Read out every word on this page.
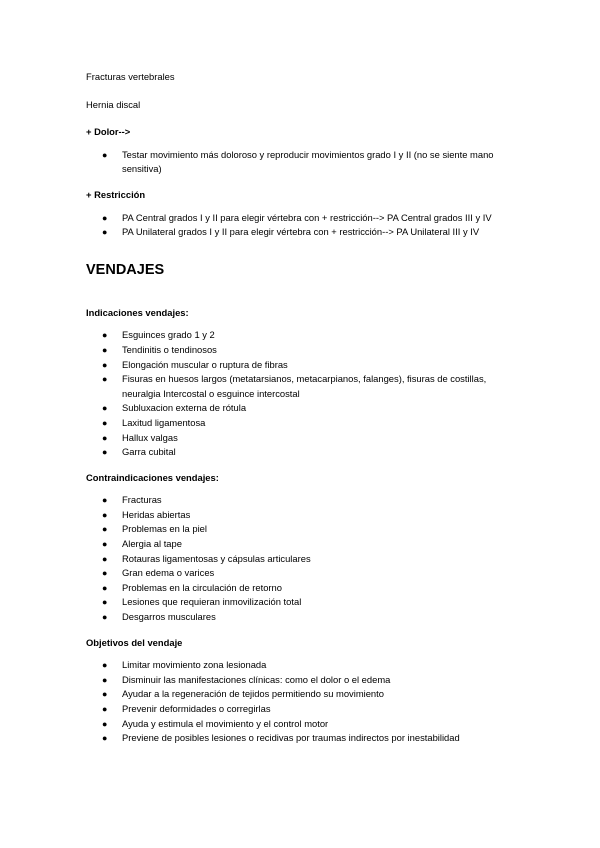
Fracturas vertebrales

Hernia discal

+ Dolor-->

● Testar movimiento más doloroso y reproducir movimientos grado I y II (no se siente mano sensitiva)

+ Restricción

● PA Central grados I y II para elegir vértebra con + restricción--> PA Central grados III y IV
● PA Unilateral grados I y II para elegir vértebra con + restricción--> PA Unilateral III y IV

VENDAJES

Indicaciones vendajes:

● Esguinces grado 1 y 2
● Tendinitis o tendinosos
● Elongación muscular o ruptura de fibras
● Fisuras en huesos largos (metatarsianos, metacarpianos, falanges), fisuras de costillas, neuralgia Intercostal o esguince intercostal
● Subluxacion externa de rótula
● Laxitud ligamentosa
● Hallux valgas
● Garra cubital

Contraindicaciones vendajes:

● Fracturas
● Heridas abiertas
● Problemas en la piel
● Alergia al tape
● Rotauras ligamentosas y cápsulas articulares
● Gran edema o varices
● Problemas en la circulación de retorno
● Lesiones que requieran inmovilización total
● Desgarros musculares

Objetivos del vendaje

● Limitar movimiento zona lesionada
● Disminuir las manifestaciones clínicas: como el dolor o el edema
● Ayudar a la regeneración de tejidos permitiendo su movimiento
● Prevenir deformidades o corregirlas
● Ayuda y estimula el movimiento y el control motor
● Previene de posibles lesiones o recidivas por traumas indirectos por inestabilidad
